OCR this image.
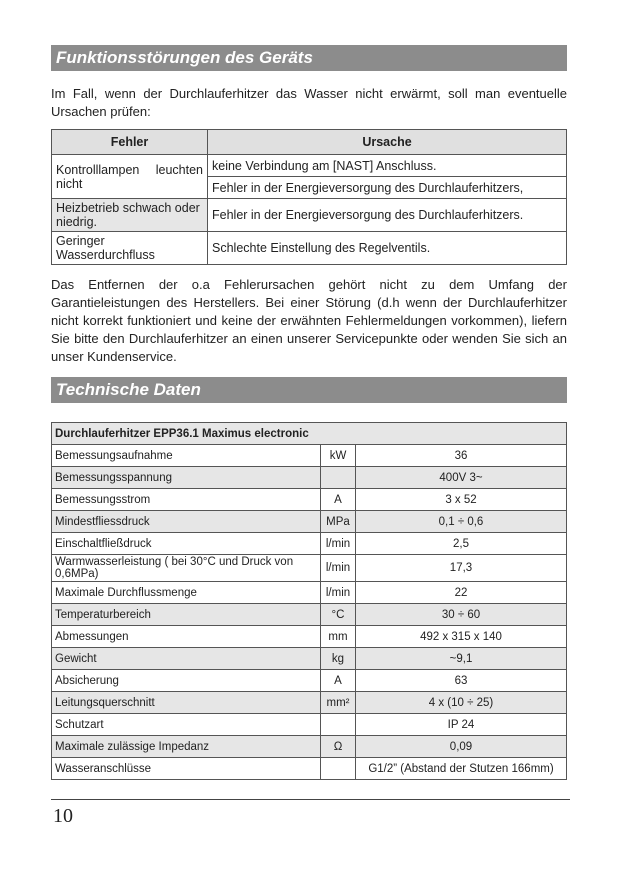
Funktionsstörungen des Geräts

Im Fall, wenn der Durchlauferhitzer das Wasser nicht erwärmt, soll man eventuelle Ursachen prüfen:

Fehler	Ursache
Kontrolllampen leuchten nicht	keine Verbindung am [NAST] Anschluss.
	Fehler in der Energieversorgung des Durchlauferhitzers,
Heizbetrieb schwach oder niedrig.	Fehler in der Energieversorgung des Durchlauferhitzers.
Geringer Wasserdurchfluss	Schlechte Einstellung des Regelventils.

Das Entfernen der o.a Fehlerursachen gehört nicht zu dem Umfang der Garantieleistungen des Herstellers. Bei einer Störung (d.h wenn der Durchlauferhitzer nicht korrekt funktioniert und keine der erwähnten Fehlermeldungen vorkommen), liefern Sie bitte den Durchlauferhitzer an einen unserer Servicepunkte oder wenden Sie sich an unser Kundenservice.

Technische Daten
Durchlauferhitzer EPP36.1 Maximus electronic		
Bemessungsaufnahme	kW	36
Bemessungsspannung		400V 3~
Bemessungsstrom	A	3 x 52
Mindestfliessdruck	MPa	0,1 ÷ 0,6
Einschaltfließdruck	l/min	2,5
Warmwasserleistung ( bei 30°C und Druck von 0,6MPa)	l/min	17,3
Maximale Durchflussmenge	l/min	22
Temperaturbereich	°C	30 ÷ 60
Abmessungen	mm	492 x 315 x 140
Gewicht	kg	~9,1
Absicherung	A	63
Leitungsquerschnitt	mm²	4 x (10 ÷ 25)
Schutzart		IP 24
Maximale zulässige Impedanz	Ω	0,09
Wasseranschlüsse		G1/2” (Abstand der Stutzen 166mm)
10
